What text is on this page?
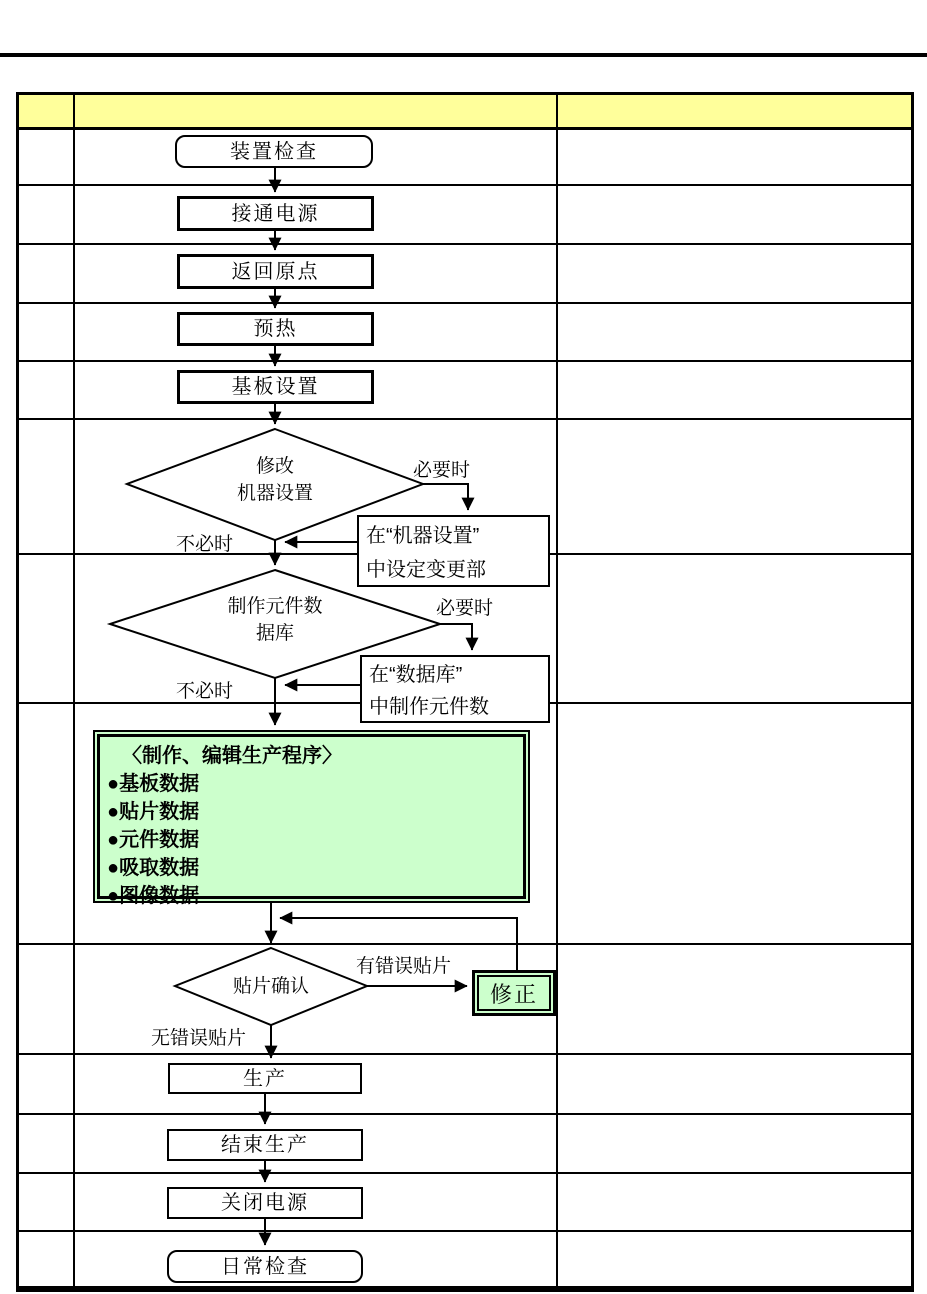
装置检查
接通电源
返回原点
预热
基板设置
修改
机器设置
必要时
不必时	在“机器设置”
中设定变更部
制作元件数
据库
必要时
不必时
在“数据库”
中制作元件数
〈制作、编辑生产程序〉
●基板数据
●贴片数据
●元件数据
●吸取数据
●图像数据
贴片确认
有错误贴片
无错误贴片
修正
生产
结束生产
关闭电源
日常检查
